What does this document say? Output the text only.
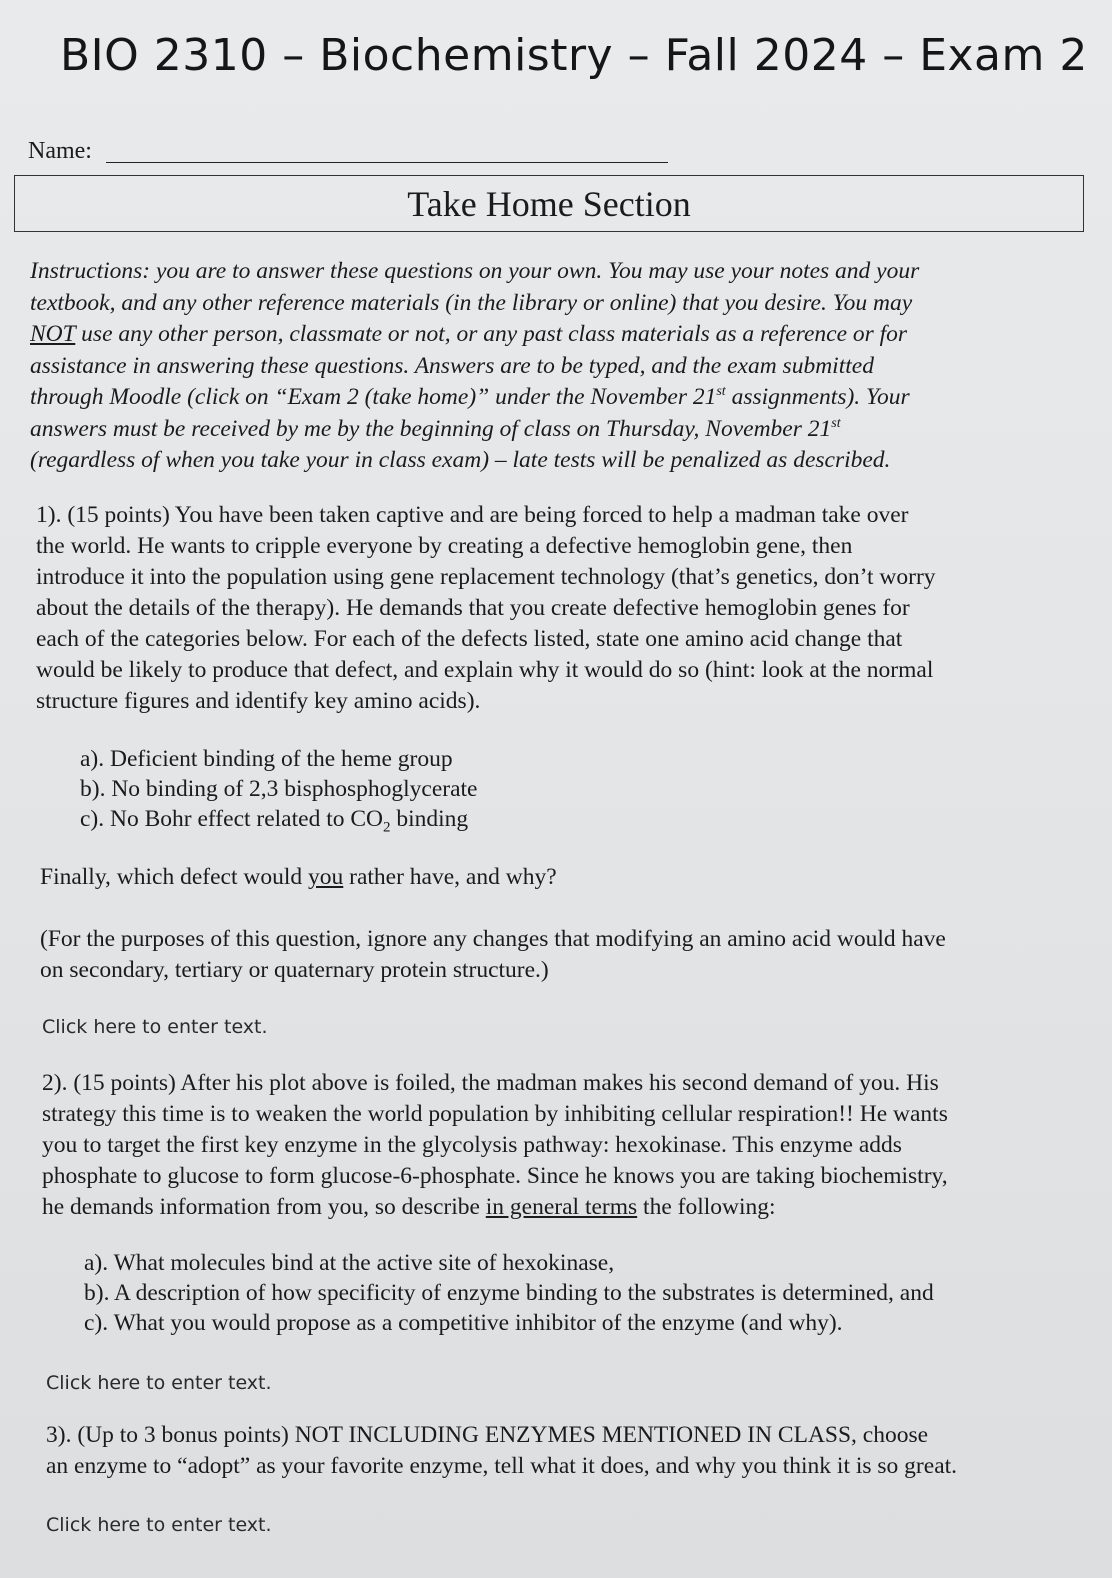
BIO 2310 – Biochemistry – Fall 2024 – Exam 2
Name:
Take Home Section
Instructions: you are to answer these questions on your own. You may use your notes and your
textbook, and any other reference materials (in the library or online) that you desire. You may
NOT use any other person, classmate or not, or any past class materials as a reference or for
assistance in answering these questions. Answers are to be typed, and the exam submitted
through Moodle (click on “Exam 2 (take home)” under the November 21st assignments). Your
answers must be received by me by the beginning of class on Thursday, November 21st
(regardless of when you take your in class exam) – late tests will be penalized as described.
1). (15 points) You have been taken captive and are being forced to help a madman take over
the world. He wants to cripple everyone by creating a defective hemoglobin gene, then
introduce it into the population using gene replacement technology (that’s genetics, don’t worry
about the details of the therapy). He demands that you create defective hemoglobin genes for
each of the categories below. For each of the defects listed, state one amino acid change that
would be likely to produce that defect, and explain why it would do so (hint: look at the normal
structure figures and identify key amino acids).
a). Deficient binding of the heme group
b). No binding of 2,3 bisphosphoglycerate
c). No Bohr effect related to $CO_2$ binding
Finally, which defect would you rather have, and why?
(For the purposes of this question, ignore any changes that modifying an amino acid would have
on secondary, tertiary or quaternary protein structure.)
Click here to enter text.
2). (15 points) After his plot above is foiled, the madman makes his second demand of you. His
strategy this time is to weaken the world population by inhibiting cellular respiration!! He wants
you to target the first key enzyme in the glycolysis pathway: hexokinase. This enzyme adds
phosphate to glucose to form glucose-6-phosphate. Since he knows you are taking biochemistry,
he demands information from you, so describe in general terms the following:
a). What molecules bind at the active site of hexokinase,
b). A description of how specificity of enzyme binding to the substrates is determined, and
c). What you would propose as a competitive inhibitor of the enzyme (and why).
Click here to enter text.
3). (Up to 3 bonus points) NOT INCLUDING ENZYMES MENTIONED IN CLASS, choose
an enzyme to “adopt” as your favorite enzyme, tell what it does, and why you think it is so great.
Click here to enter text.
